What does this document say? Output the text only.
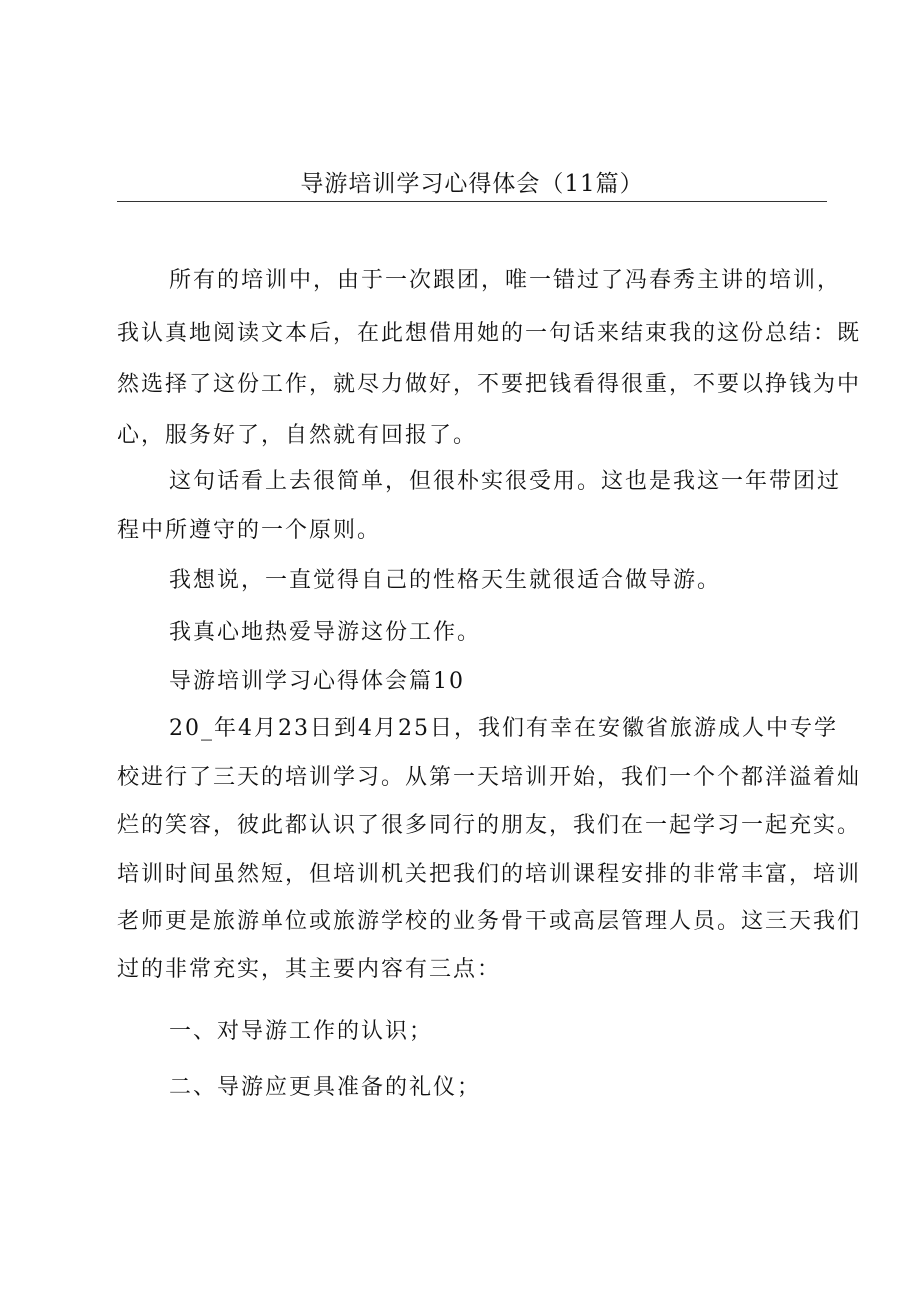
导游培训学习心得体会（11篇）
所有的培训中，由于一次跟团，唯一错过了冯春秀主讲的培训，
我认真地阅读文本后，在此想借用她的一句话来结束我的这份总结：既
然选择了这份工作，就尽力做好，不要把钱看得很重，不要以挣钱为中
心，服务好了，自然就有回报了。
这句话看上去很简单，但很朴实很受用。这也是我这一年带团过
程中所遵守的一个原则。
我想说，一直觉得自己的性格天生就很适合做导游。
我真心地热爱导游这份工作。
导游培训学习心得体会篇10
20_年4月23日到4月25日，我们有幸在安徽省旅游成人中专学
校进行了三天的培训学习。从第一天培训开始，我们一个个都洋溢着灿
烂的笑容，彼此都认识了很多同行的朋友，我们在一起学习一起充实。
培训时间虽然短，但培训机关把我们的培训课程安排的非常丰富，培训
老师更是旅游单位或旅游学校的业务骨干或高层管理人员。这三天我们
过的非常充实，其主要内容有三点：
一、对导游工作的认识；
二、导游应更具准备的礼仪；
